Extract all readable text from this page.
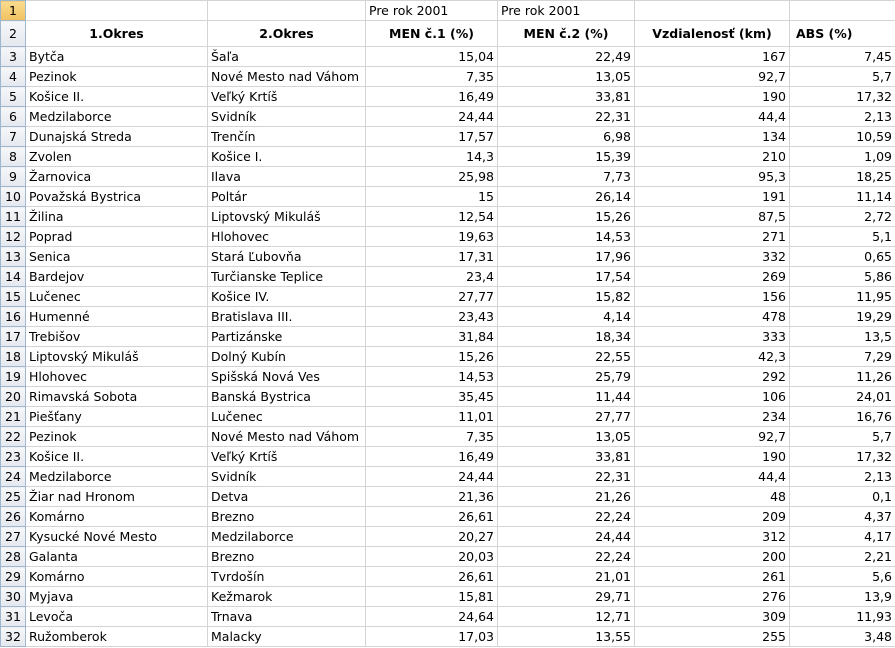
1			Pre rok 2001	Pre rok 2001		
2	1.Okres	2.Okres	MEN č.1 (%)	MEN č.2 (%)	Vzdialenosť (km)	ABS (%)
3	Bytča	Šaľa	15,04	22,49	167	7,45
4	Pezinok	Nové Mesto nad Váhom	7,35	13,05	92,7	5,7
5	Košice II.	Veľký Krtíš	16,49	33,81	190	17,32
6	Medzilaborce	Svidník	24,44	22,31	44,4	2,13
7	Dunajská Streda	Trenčín	17,57	6,98	134	10,59
8	Zvolen	Košice I.	14,3	15,39	210	1,09
9	Žarnovica	Ilava	25,98	7,73	95,3	18,25
10	Považská Bystrica	Poltár	15	26,14	191	11,14
11	Žilina	Liptovský Mikuláš	12,54	15,26	87,5	2,72
12	Poprad	Hlohovec	19,63	14,53	271	5,1
13	Senica	Stará Ľubovňa	17,31	17,96	332	0,65
14	Bardejov	Turčianske Teplice	23,4	17,54	269	5,86
15	Lučenec	Košice IV.	27,77	15,82	156	11,95
16	Humenné	Bratislava III.	23,43	4,14	478	19,29
17	Trebišov	Partizánske	31,84	18,34	333	13,5
18	Liptovský Mikuláš	Dolný Kubín	15,26	22,55	42,3	7,29
19	Hlohovec	Spišská Nová Ves	14,53	25,79	292	11,26
20	Rimavská Sobota	Banská Bystrica	35,45	11,44	106	24,01
21	Piešťany	Lučenec	11,01	27,77	234	16,76
22	Pezinok	Nové Mesto nad Váhom	7,35	13,05	92,7	5,7
23	Košice II.	Veľký Krtíš	16,49	33,81	190	17,32
24	Medzilaborce	Svidník	24,44	22,31	44,4	2,13
25	Žiar nad Hronom	Detva	21,36	21,26	48	0,1
26	Komárno	Brezno	26,61	22,24	209	4,37
27	Kysucké Nové Mesto	Medzilaborce	20,27	24,44	312	4,17
28	Galanta	Brezno	20,03	22,24	200	2,21
29	Komárno	Tvrdošín	26,61	21,01	261	5,6
30	Myjava	Kežmarok	15,81	29,71	276	13,9
31	Levoča	Trnava	24,64	12,71	309	11,93
32	Ružomberok	Malacky	17,03	13,55	255	3,48
